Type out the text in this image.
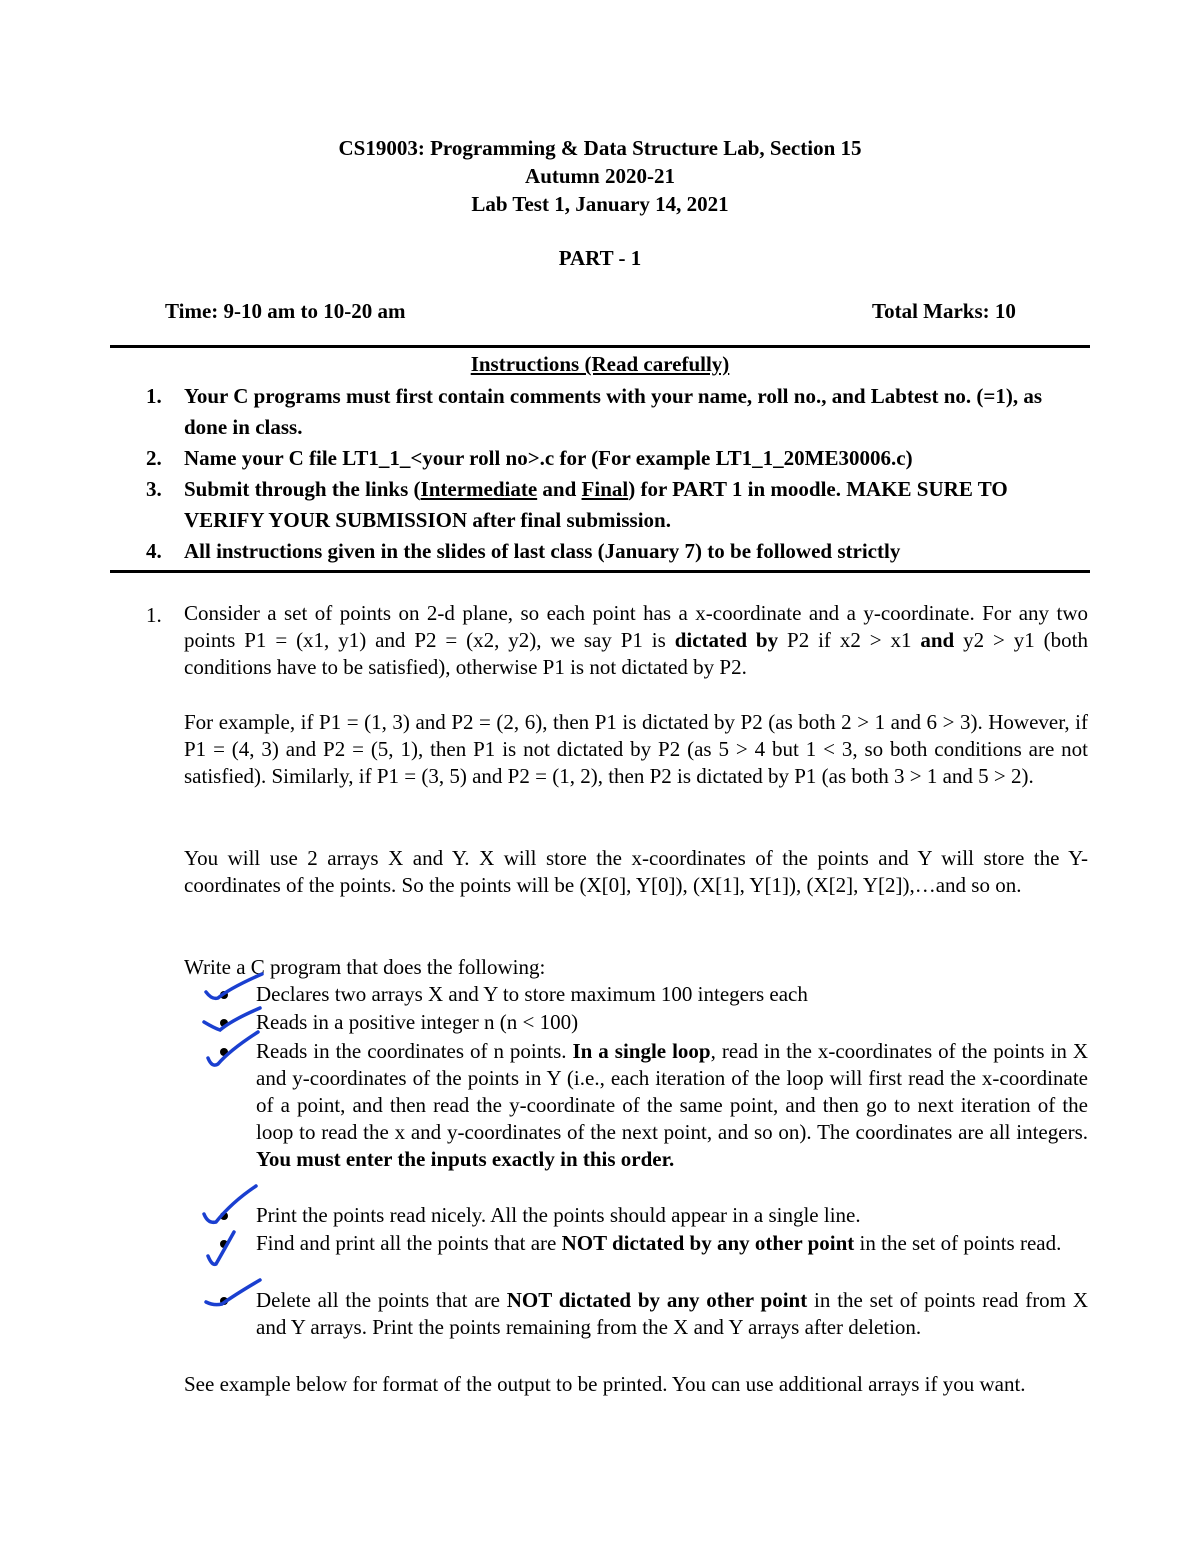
CS19003: Programming & Data Structure Lab, Section 15
Autumn 2020-21
Lab Test 1, January 14, 2021
PART - 1
Time: 9-10 am to 10-20 am	Total Marks: 10
Instructions (Read carefully)
1. Your C programs must first contain comments with your name, roll no., and Labtest no. (=1), as done in class.
2. Name your C file LT1_1_<your roll no>.c for (For example LT1_1_20ME30006.c)
3. Submit through the links (Intermediate and Final) for PART 1 in moodle. MAKE SURE TO VERIFY YOUR SUBMISSION after final submission.
4. All instructions given in the slides of last class (January 7) to be followed strictly
1. Consider a set of points on 2-d plane, so each point has a x-coordinate and a y-coordinate. For any two points P1 = (x1, y1) and P2 = (x2, y2), we say P1 is dictated by P2 if x2 > x1 and y2 > y1 (both conditions have to be satisfied), otherwise P1 is not dictated by P2.
For example, if P1 = (1, 3) and P2 = (2, 6), then P1 is dictated by P2 (as both 2 > 1 and 6 > 3). However, if P1 = (4, 3) and P2 = (5, 1), then P1 is not dictated by P2 (as 5 > 4 but 1 < 3, so both conditions are not satisfied). Similarly, if P1 = (3, 5) and P2 = (1, 2), then P2 is dictated by P1 (as both 3 > 1 and 5 > 2).
You will use 2 arrays X and Y. X will store the x-coordinates of the points and Y will store the Y-coordinates of the points. So the points will be (X[0], Y[0]), (X[1], Y[1]), (X[2], Y[2]),…and so on.
Write a C program that does the following:
Declares two arrays X and Y to store maximum 100 integers each
Reads in a positive integer n (n < 100)
Reads in the coordinates of n points. In a single loop, read in the x-coordinates of the points in X and y-coordinates of the points in Y (i.e., each iteration of the loop will first read the x-coordinate of a point, and then read the y-coordinate of the same point, and then go to next iteration of the loop to read the x and y-coordinates of the next point, and so on). The coordinates are all integers. You must enter the inputs exactly in this order.
Print the points read nicely. All the points should appear in a single line.
Find and print all the points that are NOT dictated by any other point in the set of points read.
Delete all the points that are NOT dictated by any other point in the set of points read from X and Y arrays. Print the points remaining from the X and Y arrays after deletion.
See example below for format of the output to be printed. You can use additional arrays if you want.
